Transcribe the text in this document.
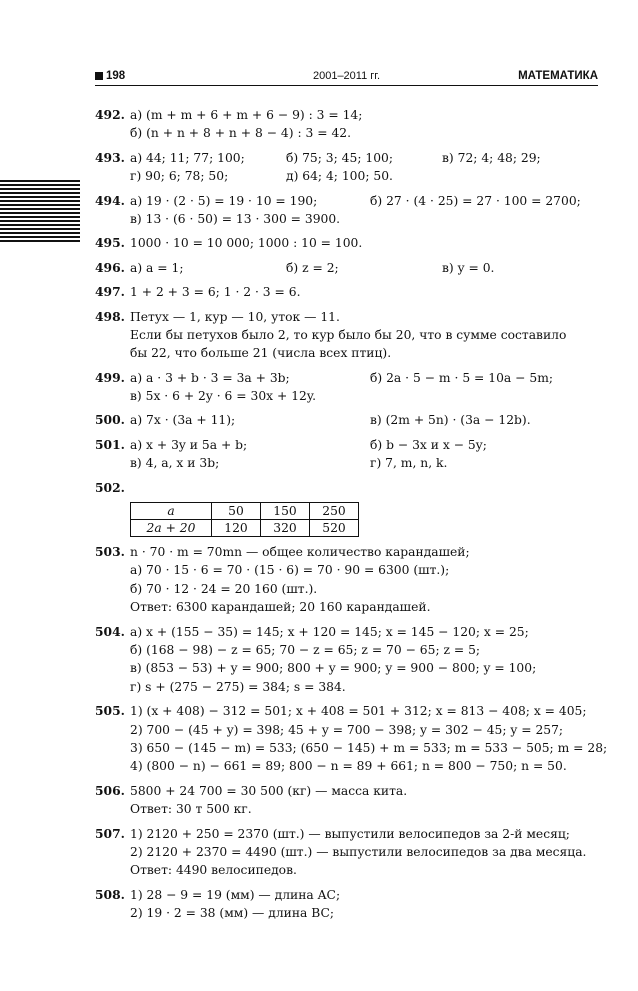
198	2001–2011 гг.	МАТЕМАТИКА
492. а) (m + m + 6 + m + 6 − 9) : 3 = 14;
б) (n + n + 8 + n + 8 − 4) : 3 = 42.
493. а) 44; 11; 77; 100;	б) 75; 3; 45; 100;	в) 72; 4; 48; 29;
г) 90; 6; 78; 50;	д) 64; 4; 100; 50.
494. а) 19 · (2 · 5) = 19 · 10 = 190;	б) 27 · (4 · 25) = 27 · 100 = 2700;
в) 13 · (6 · 50) = 13 · 300 = 3900.
495. 1000 · 10 = 10 000; 1000 : 10 = 100.
496. а) a = 1;	б) z = 2;	в) y = 0.
497. 1 + 2 + 3 = 6; 1 · 2 · 3 = 6.
498. Петух — 1, кур — 10, уток — 11.
Если бы петухов было 2, то кур было бы 20, что в сумме составило
бы 22, что больше 21 (числа всех птиц).
499. а) a · 3 + b · 3 = 3a + 3b;	б) 2a · 5 − m · 5 = 10a − 5m;
в) 5x · 6 + 2y · 6 = 30x + 12y.
500. а) 7x · (3a + 11);	в) (2m + 5n) · (3a − 12b).
501. а) x + 3y и 5a + b;	б) b − 3x и x − 5y;
в) 4, a, x и 3b;	г) 7, m, n, k.
502.
a	50	150	250
2a + 20	120	320	520
503. n · 70 · m = 70mn — общее количество карандашей;
а) 70 · 15 · 6 = 70 · (15 · 6) = 70 · 90 = 6300 (шт.);
б) 70 · 12 · 24 = 20 160 (шт.).
Ответ: 6300 карандашей; 20 160 карандашей.
504. а) x + (155 − 35) = 145; x + 120 = 145; x = 145 − 120; x = 25;
б) (168 − 98) − z = 65; 70 − z = 65; z = 70 − 65; z = 5;
в) (853 − 53) + y = 900; 800 + y = 900; y = 900 − 800; y = 100;
г) s + (275 − 275) = 384; s = 384.
505. 1) (x + 408) − 312 = 501; x + 408 = 501 + 312; x = 813 − 408; x = 405;
2) 700 − (45 + y) = 398; 45 + y = 700 − 398; y = 302 − 45; y = 257;
3) 650 − (145 − m) = 533; (650 − 145) + m = 533; m = 533 − 505; m = 28;
4) (800 − n) − 661 = 89; 800 − n = 89 + 661; n = 800 − 750; n = 50.
506. 5800 + 24 700 = 30 500 (кг) — масса кита.
Ответ: 30 т 500 кг.
507. 1) 2120 + 250 = 2370 (шт.) — выпустили велосипедов за 2-й месяц;
2) 2120 + 2370 = 4490 (шт.) — выпустили велосипедов за два месяца.
Ответ: 4490 велосипедов.
508. 1) 28 − 9 = 19 (мм) — длина AC;
2) 19 · 2 = 38 (мм) — длина BC;
